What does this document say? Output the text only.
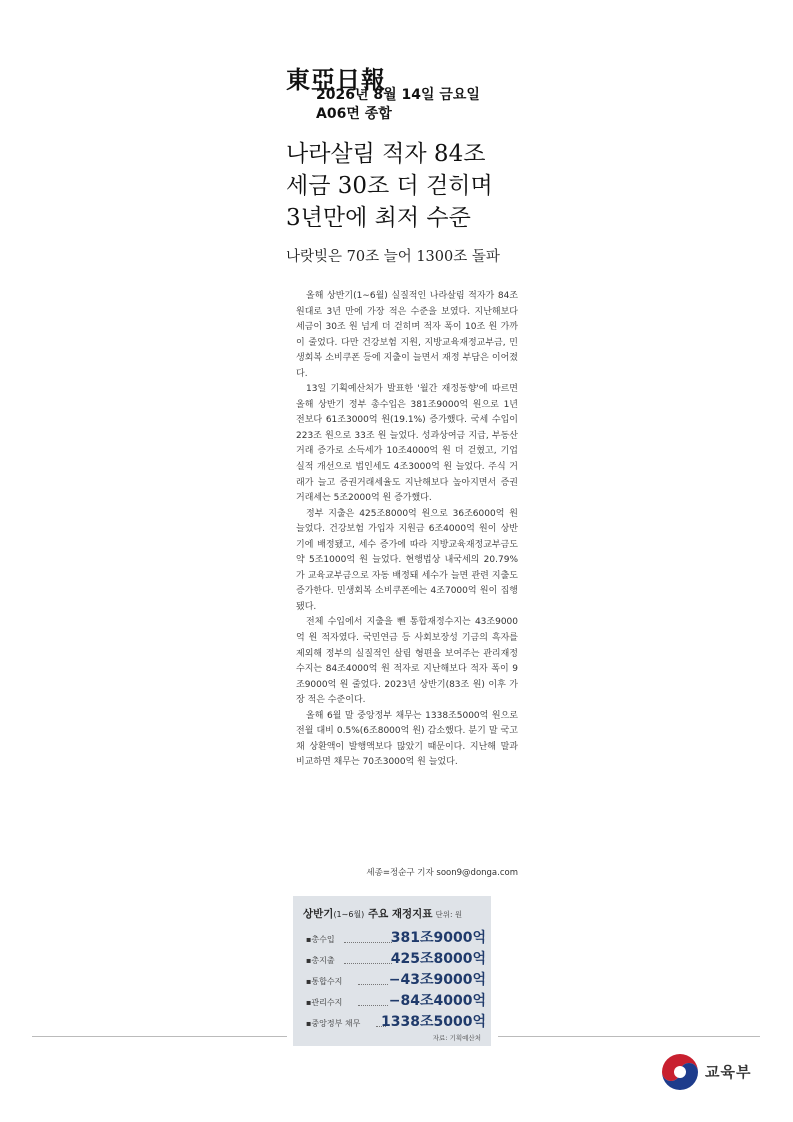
東亞日報
2026년 8월 14일 금요일
A06면 종합
나라살림 적자 84조
세금 30조 더 걷히며
3년만에 최저 수준
나랏빚은 70조 늘어 1300조 돌파

올해 상반기(1∼6월) 실질적인 나라살림 적자가 84조 원대로 3년 만에 가장 적은 수준을 보였다. 지난해보다 세금이 30조 원 넘게 더 걷히며 적자 폭이 10조 원 가까이 줄었다. 다만 건강보험 지원, 지방교육재정교부금, 민생회복 소비쿠폰 등에 지출이 늘면서 재정 부담은 이어졌다.

13일 기획예산처가 발표한 '월간 재정동향'에 따르면 올해 상반기 정부 총수입은 381조9000억 원으로 1년 전보다 61조3000억 원(19.1%) 증가했다. 국세 수입이 223조 원으로 33조 원 늘었다. 성과상여금 지급, 부동산 거래 증가로 소득세가 10조4000억 원 더 걷혔고, 기업 실적 개선으로 법인세도 4조3000억 원 늘었다. 주식 거래가 늘고 증권거래세율도 지난해보다 높아지면서 증권거래세는 5조2000억 원 증가했다.

정부 지출은 425조8000억 원으로 36조6000억 원 늘었다. 건강보험 가입자 지원금 6조4000억 원이 상반기에 배정됐고, 세수 증가에 따라 지방교육재정교부금도 약 5조1000억 원 늘었다. 현행법상 내국세의 20.79%가 교육교부금으로 자동 배정돼 세수가 늘면 관련 지출도 증가한다. 민생회복 소비쿠폰에는 4조7000억 원이 집행됐다.

전체 수입에서 지출을 뺀 통합재정수지는 43조9000억 원 적자였다. 국민연금 등 사회보장성 기금의 흑자를 제외해 정부의 실질적인 살림 형편을 보여주는 관리재정수지는 84조4000억 원 적자로 지난해보다 적자 폭이 9조9000억 원 줄었다. 2023년 상반기(83조 원) 이후 가장 적은 수준이다.

올해 6월 말 중앙정부 채무는 1338조5000억 원으로 전월 대비 0.5%(6조8000억 원) 감소했다. 분기 말 국고채 상환액이 발행액보다 많았기 때문이다. 지난해 말과 비교하면 채무는 70조3000억 원 늘었다.

세종=정순구 기자 soon9@donga.com
상반기(1∼6월) 주요 재정지표 단위: 원
▪총수입	381조9000억
▪총지출	425조8000억
▪통합수지	−43조9000억
▪관리수지	−84조4000억
▪중앙정부 채무 1338조5000억
자료: 기획예산처
교육부
